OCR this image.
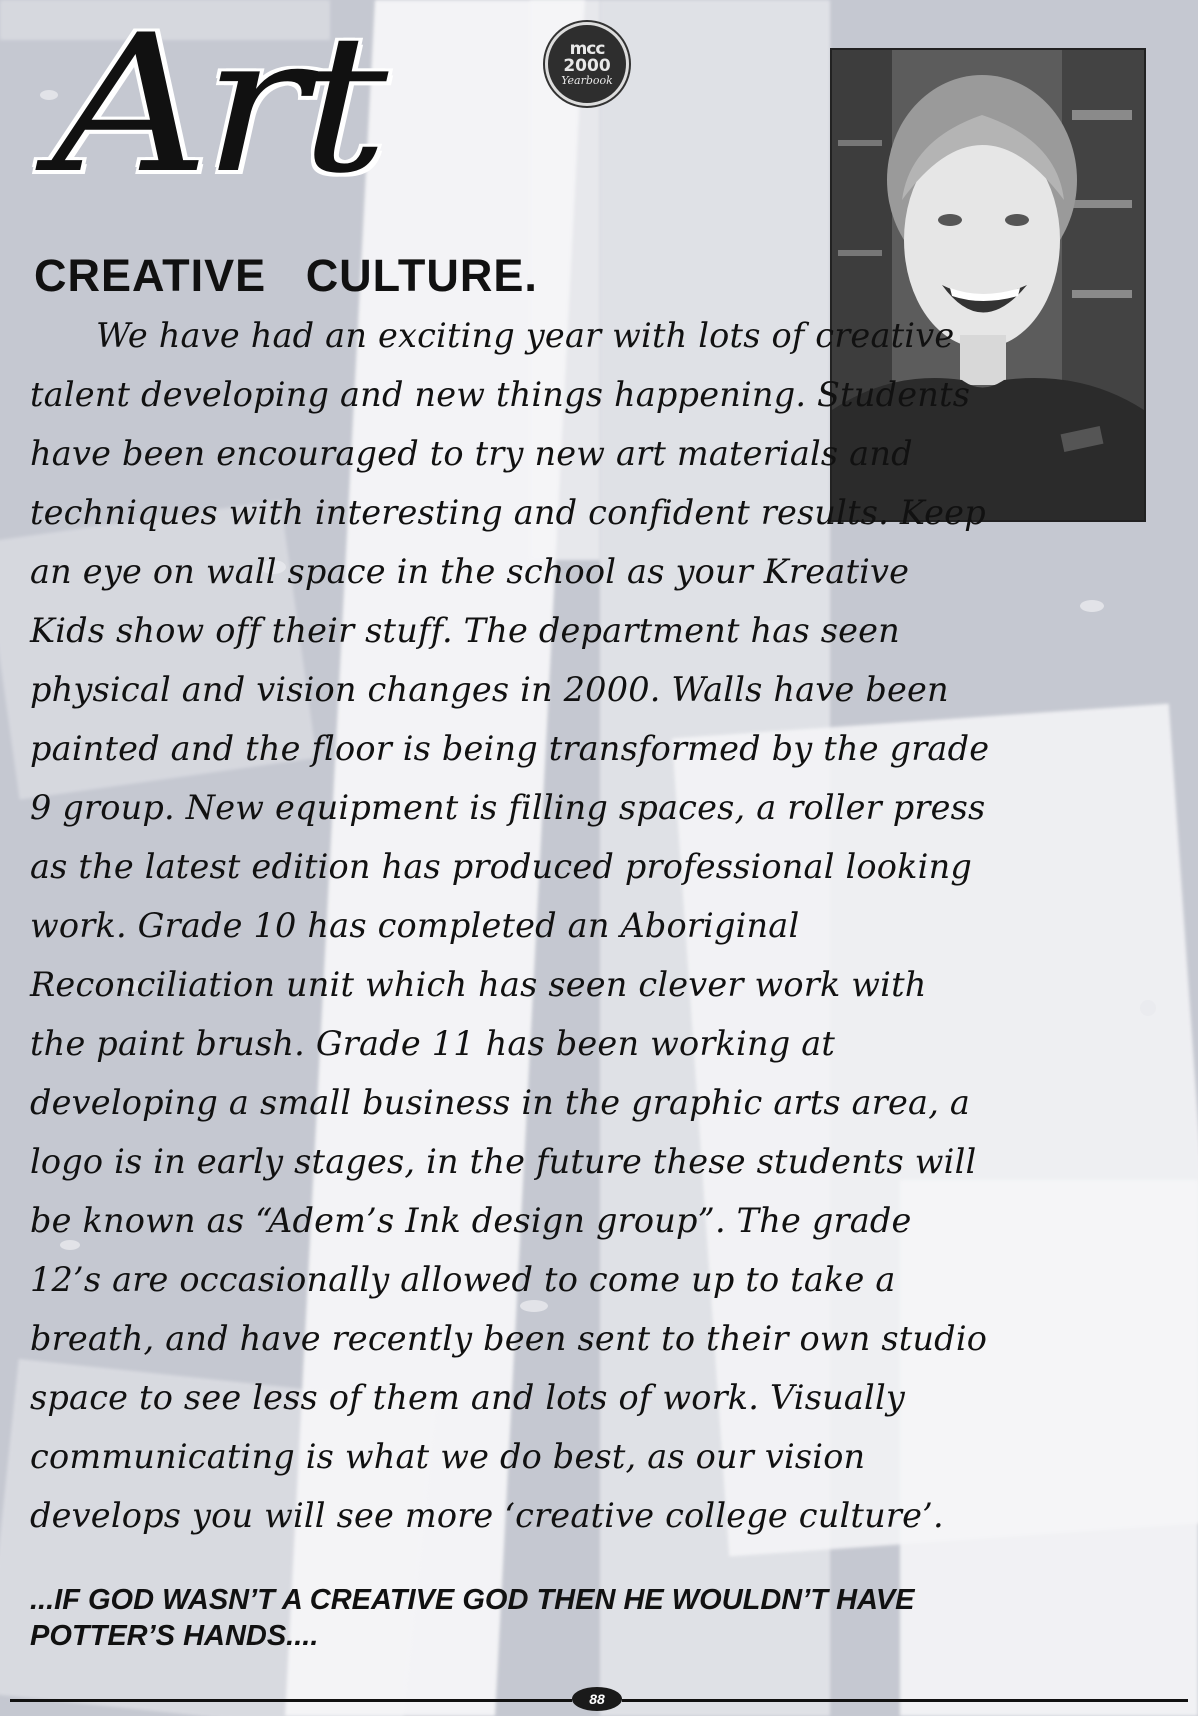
Art	mcc
2000
Yearbook
CREATIVE CULTURE.

We have had an exciting year with lots of creative talent developing and new things happening. Students have been encouraged to try new art materials and techniques with interesting and confident results. Keep an eye on wall space in the school as your Kreative Kids show off their stuff. The department has seen physical and vision changes in 2000. Walls have been painted and the floor is being transformed by the grade 9 group. New equipment is filling spaces, a roller press as the latest edition has produced professional looking work. Grade 10 has completed an Aboriginal Reconciliation unit which has seen clever work with the paint brush. Grade 11 has been working at developing a small business in the graphic arts area, a logo is in early stages, in the future these students will be known as “Adem’s Ink design group”. The grade 12’s are occasionally allowed to come up to take a breath, and have recently been sent to their own studio space to see less of them and lots of work. Visually communicating is what we do best, as our vision develops you will see more ‘creative college culture’.

...IF GOD WASN’T A CREATIVE GOD THEN HE WOULDN’T HAVE POTTER’S HANDS....

88
